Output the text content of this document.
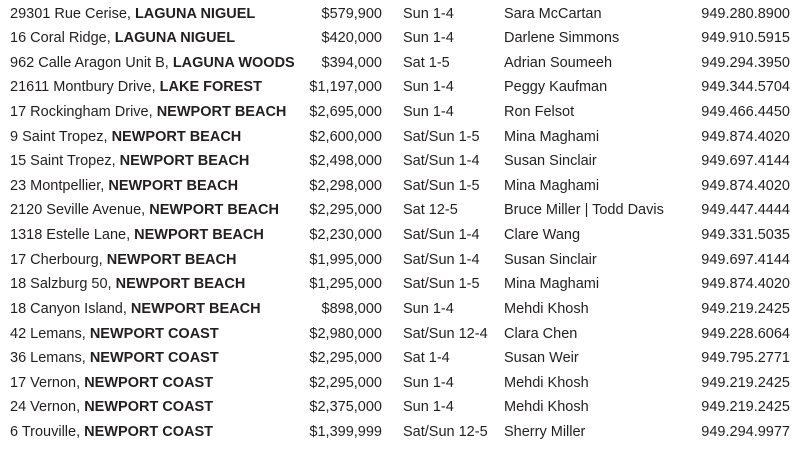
29301 Rue Cerise, LAGUNA NIGUEL	$579,900 Sun 1-4	Sara McCartan	949.280.8900
16 Coral Ridge, LAGUNA NIGUEL	$420,000 Sun 1-4	Darlene Simmons	949.910.5915
962 Calle Aragon Unit B, LAGUNA WOODS $394,000 Sat 1-5	Adrian Soumeeh	949.294.3950
21611 Montbury Drive, LAKE FOREST	$1,197,000 Sun 1-4	Peggy Kaufman	949.344.5704
17 Rockingham Drive, NEWPORT BEACH $2,695,000 Sun 1-4	Ron Felsot	949.466.4450
9 Saint Tropez, NEWPORT BEACH	$2,600,000 Sat/Sun 1-5 Mina Maghami	949.874.4020
15 Saint Tropez, NEWPORT BEACH	$2,498,000 Sat/Sun 1-4 Susan Sinclair	949.697.4144
23 Montpellier, NEWPORT BEACH	$2,298,000 Sat/Sun 1-5 Mina Maghami	949.874.4020
2120 Seville Avenue, NEWPORT BEACH $2,295,000 Sat 12-5	Bruce Miller | Todd Davis	949.447.4444
1318 Estelle Lane, NEWPORT BEACH	$2,230,000 Sat/Sun 1-4 Clare Wang	949.331.5035
17 Cherbourg, NEWPORT BEACH	$1,995,000 Sat/Sun 1-4 Susan Sinclair	949.697.4144
18 Salzburg 50, NEWPORT BEACH	$1,295,000 Sat/Sun 1-5 Mina Maghami	949.874.4020
18 Canyon Island, NEWPORT BEACH	$898,000 Sun 1-4	Mehdi Khosh	949.219.2425
42 Lemans, NEWPORT COAST	$2,980,000 Sat/Sun 12-4 Clara Chen	949.228.6064
36 Lemans, NEWPORT COAST	$2,295,000 Sat 1-4	Susan Weir	949.795.2771
17 Vernon, NEWPORT COAST	$2,295,000 Sun 1-4	Mehdi Khosh	949.219.2425
24 Vernon, NEWPORT COAST	$2,375,000 Sun 1-4	Mehdi Khosh	949.219.2425
6 Trouville, NEWPORT COAST	$1,399,999 Sat/Sun 12-5 Sherry Miller	949.294.9977
